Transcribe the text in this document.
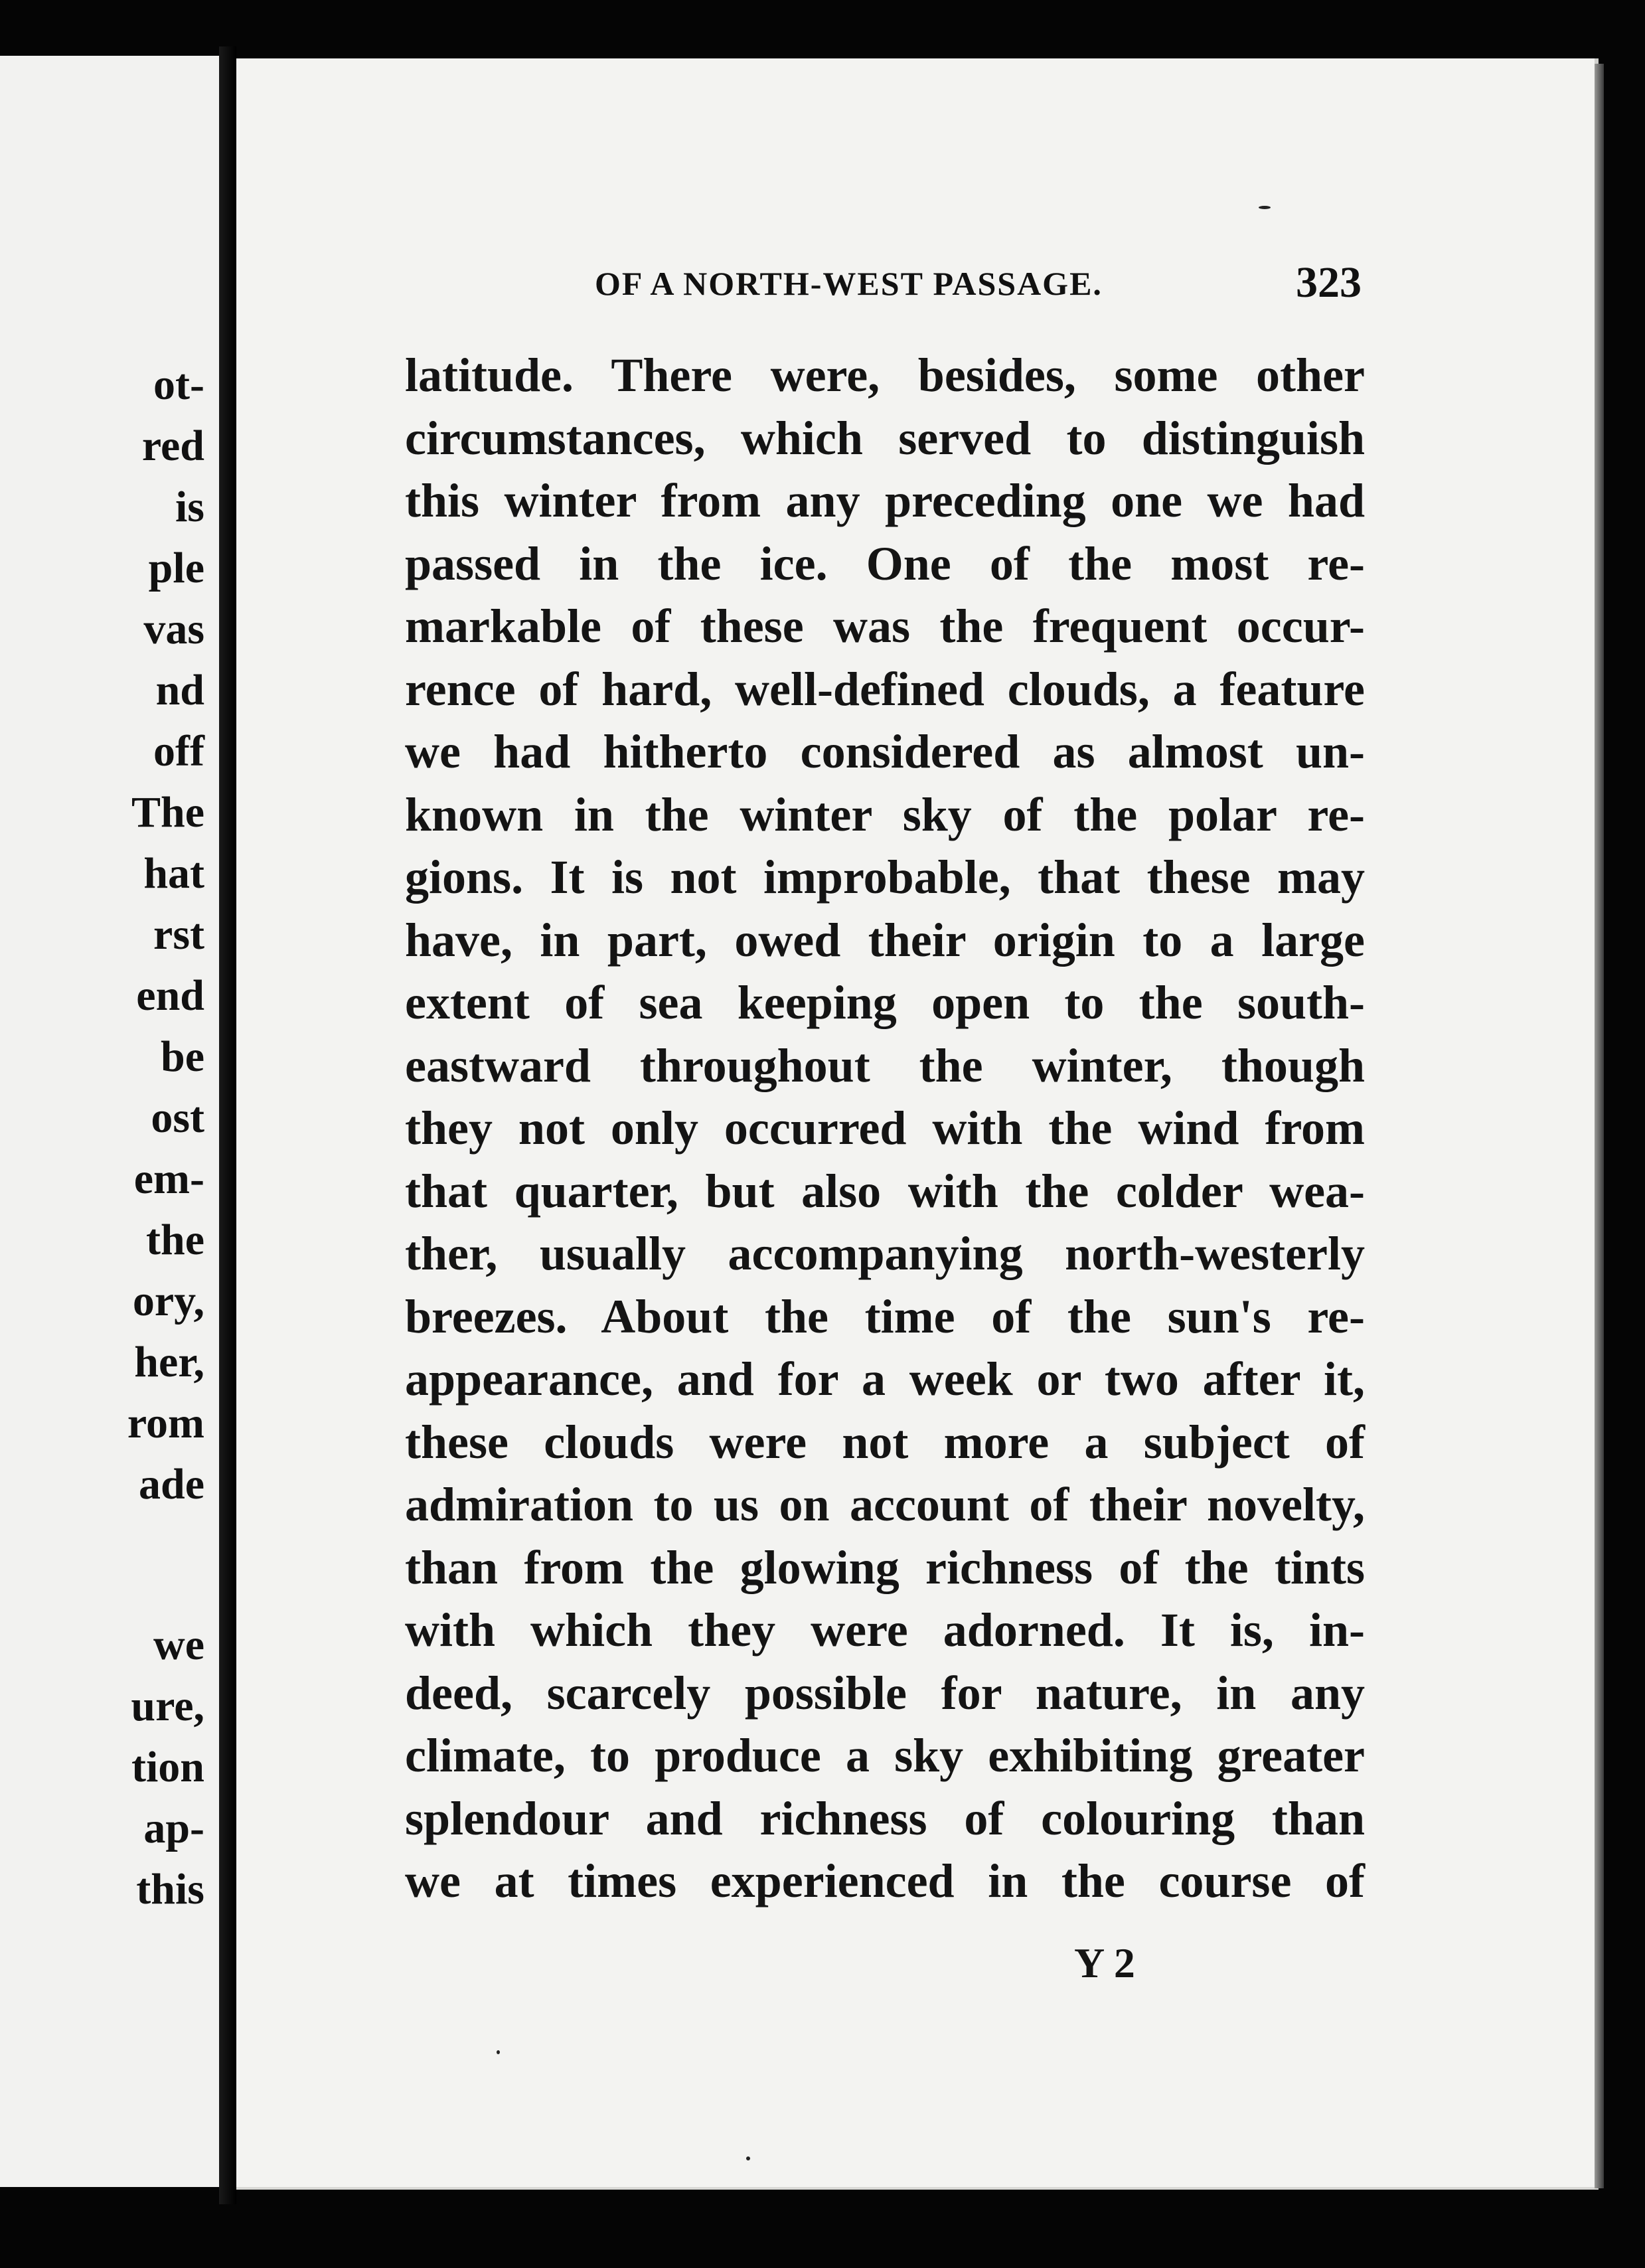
ot-
red
is
ple
vas
nd
off
The
hat
rst
end
be
ost
em-
the
ory,
her,
rom
ade
we
ure,
tion
ap-
this
OF A NORTH-WEST PASSAGE.	323
latitude. There were, besides, some other
circumstances, which served to distinguish
this winter from any preceding one we had
passed in the ice. One of the most re-
markable of these was the frequent occur-
rence of hard, well-defined clouds, a feature
we had hitherto considered as almost un-
known in the winter sky of the polar re-
gions. It is not improbable, that these may
have, in part, owed their origin to a large
extent of sea keeping open to the south-
eastward throughout the winter, though
they not only occurred with the wind from
that quarter, but also with the colder wea-
ther, usually accompanying north-westerly
breezes. About the time of the sun's re-
appearance, and for a week or two after it,
these clouds were not more a subject of
admiration to us on account of their novelty,
than from the glowing richness of the tints
with which they were adorned. It is, in-
deed, scarcely possible for nature, in any
climate, to produce a sky exhibiting greater
splendour and richness of colouring than
we at times experienced in the course of
Y 2
